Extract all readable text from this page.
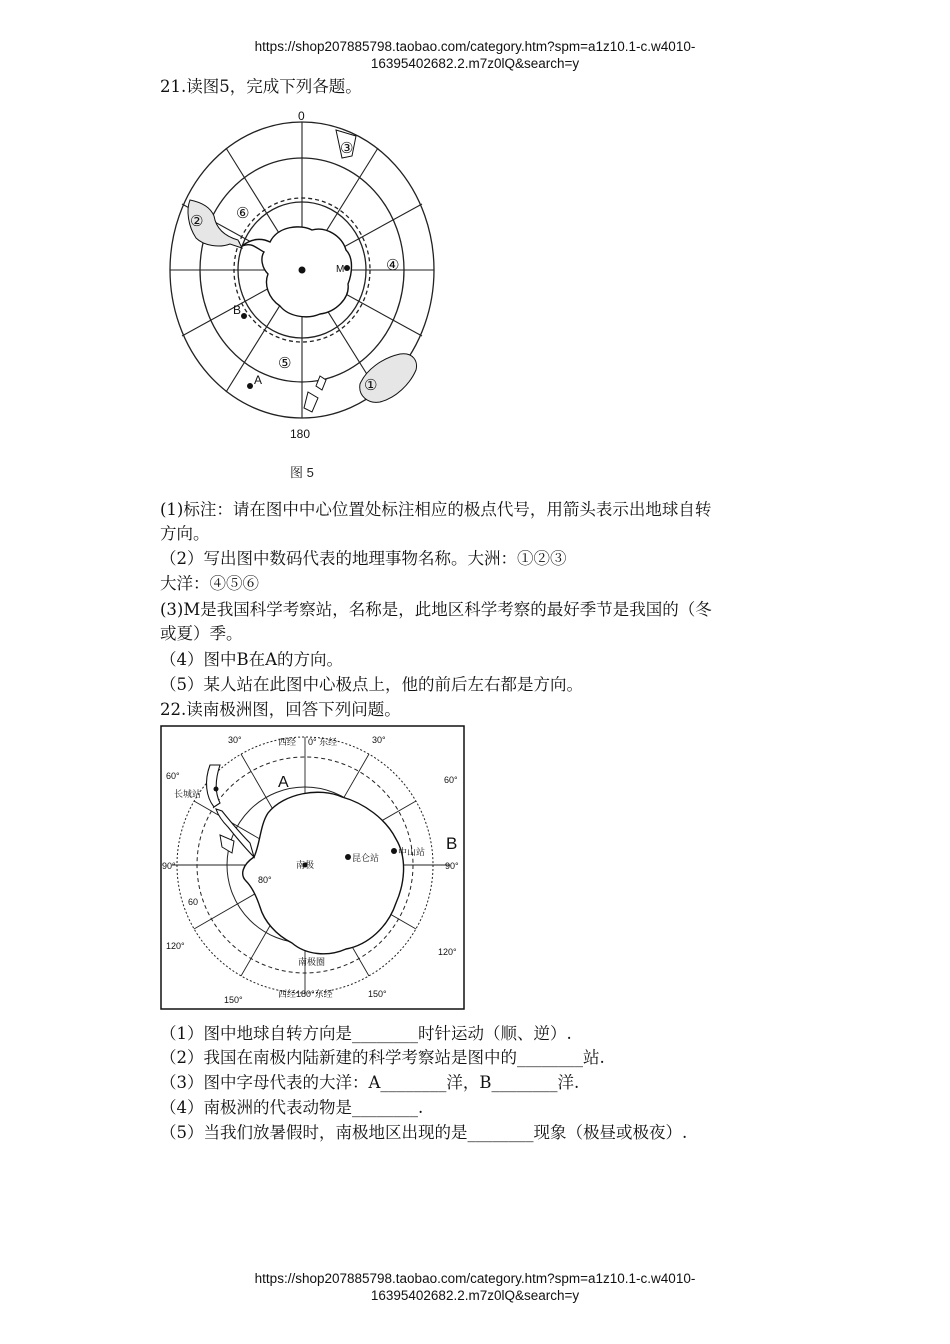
https://shop207885798.taobao.com/category.htm?spm=a1z10.1-c.w4010-
16395402682.2.m7z0lQ&search=y
21.读图5，完成下列各题。
0
180
③
② ⑥
④
⑤
①
B
A
M
图 5
(1)标注：请在图中中心位置处标注相应的极点代号，用箭头表示出地球自转
方向。
（2）写出图中数码代表的地理事物名称。大洲：①②③
大洋：④⑤⑥
(3)M是我国科学考察站，名称是，此地区科学考察的最好季节是我国的（冬
或夏）季。
（4）图中B在A的方向。
（5）某人站在此图中心极点上，他的前后左右都是方向。
22.读南极洲图，回答下列问题。
西经 0° 东经
30°	30°
60°	60°
90°	90°
120°
120°
150°
150°
80°
60
长城站
昆仑站
中山站
南极
南极圈
西经180°东经
A
B
（1）图中地球自转方向是________时针运动（顺、逆）.
（2）我国在南极内陆新建的科学考察站是图中的________站.
（3）图中字母代表的大洋：A________洋，B________洋.
（4）南极洲的代表动物是________.
（5）当我们放暑假时，南极地区出现的是________现象（极昼或极夜）.
https://shop207885798.taobao.com/category.htm?spm=a1z10.1-c.w4010-
16395402682.2.m7z0lQ&search=y
